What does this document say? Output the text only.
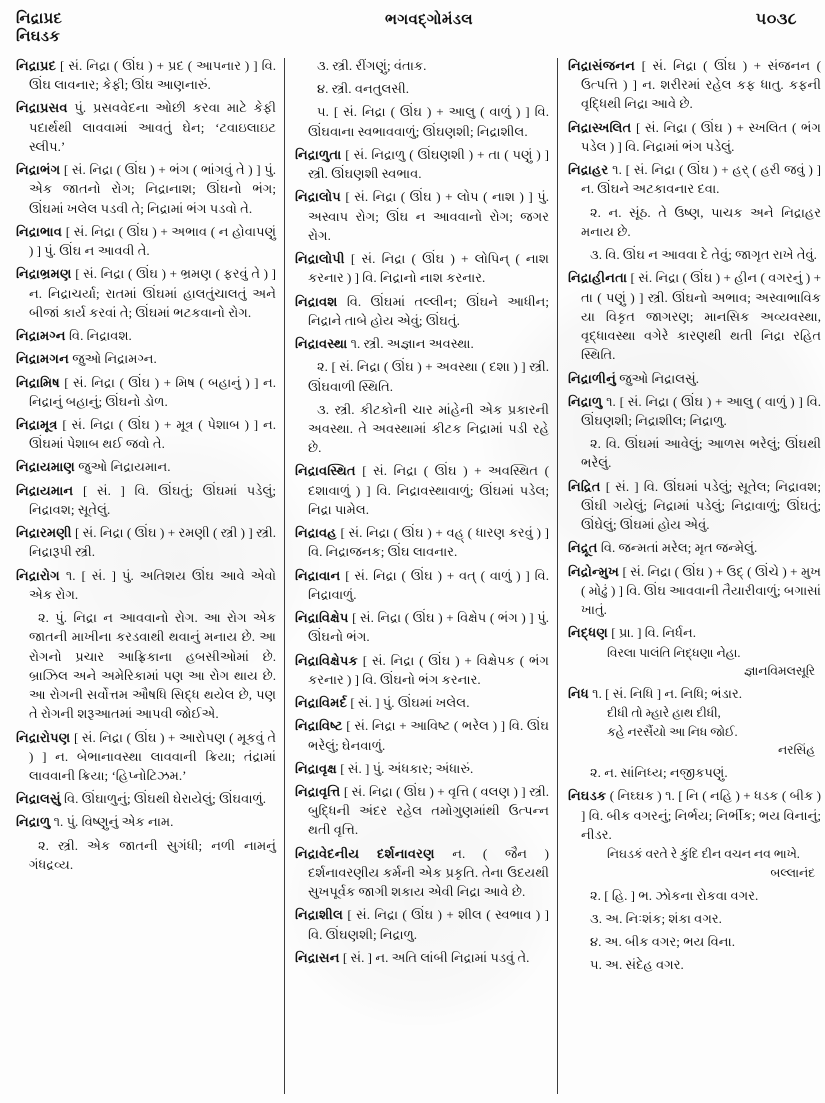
નિદ્રાપ્રદ
નિઘડક
ભગવદ્ગોમંડલ	૫૦૩૮

નિદ્રાપ્રદ [ સં. નિદ્રા ( ઊંઘ ) + પ્રદ ( આપનાર ) ] વિ. ઊંઘ લાવનાર; કેફી; ઊંઘ આણનારું.

નિદ્રાપ્રસવ પું. પ્રસવવેદના ઓછી કરવા માટે કેફી પદાર્થથી લાવવામાં આવતું ઘેન; ‘ટવાઇલાઇટ સ્લીપ.’

નિદ્રાભંગ [ સં. નિદ્રા ( ઊંઘ ) + ભંગ ( ભાંગવું તે ) ] પું. એક જાતનો રોગ; નિદ્રાનાશ; ઊંઘનો ભંગ; ઊંઘમાં ખલેલ પડવી તે; નિદ્રામાં ભંગ પડવો તે.

નિદ્રાભાવ [ સં. નિદ્રા ( ઊંઘ ) + અભાવ ( ન હોવાપણું ) ] પું. ઊંઘ ન આવવી તે.

નિદ્રાભ્રમણ [ સં. નિદ્રા ( ઊંઘ ) + ભ્રમણ ( ફરવું તે ) ] ન. નિદ્રાચર્યા; રાતમાં ઊંઘમાં હાલતુંચાલતું અને બીજાં કાર્ય કરવાં તે; ઊંઘમાં ભટકવાનો રોગ.

નિદ્રામગ્ન વિ. નિદ્રાવશ.

નિદ્રામગન જુઓ નિદ્રામગ્ન.

નિદ્રામિષ [ સં. નિદ્રા ( ઊંઘ ) + મિષ ( બહાનું ) ] ન. નિદ્રાનું બહાનું; ઊંઘનો ડોળ.

નિદ્રામૂત્ર [ સં. નિદ્રા ( ઊંઘ ) + મૂત્ર ( પેશાબ ) ] ન. ઊંઘમાં પેશાબ થઈ જવો તે.

નિદ્રાયમાણ જુઓ નિદ્રાયમાન.

નિદ્રાયમાન [ સં. ] વિ. ઊંઘતું; ઊંઘમાં પડેલું; નિદ્રાવશ; સૂતેલું.

નિદ્રારમણી [ સં. નિદ્રા ( ઊંઘ ) + રમણી ( સ્ત્રી ) ] સ્ત્રી. નિદ્રારૂપી સ્ત્રી.

નિદ્રારોગ ૧. [ સં. ] પું. અતિશય ઊંઘ આવે એવો એક રોગ.

૨. પું. નિદ્રા ન આવવાનો રોગ. આ રોગ એક જાતની માખીના કરડવાથી થવાનું મનાય છે. આ રોગનો પ્રચાર આફ્રિકાના હબસીઓમાં છે. બ્રાઝિલ અને અમેરિકામાં પણ આ રોગ થાય છે. આ રોગની સર્વોત્તમ ઔષધિ સિદ્ધ થયેલ છે, પણ તે રોગની શરૂઆતમાં આપવી જોઈએ.

નિદ્રારોપણ [ સં. નિદ્રા ( ઊંઘ ) + આરોપણ ( મૂકવું તે ) ] ન. બેભાનાવસ્થા લાવવાની ક્રિયા; તંદ્રામાં લાવવાની ક્રિયા; ‘હિપ્નોટિઝમ.’

નિદ્રાલસું વિ. ઊંઘાળુનું; ઊંઘથી ઘેરાયેલું; ઊંઘવાળું.

નિદ્રાળુ ૧. પું. વિષ્ણુનું એક નામ.

૨. સ્ત્રી. એક જાતની સુગંધી; નળી નામનું ગંધદ્રવ્ય.

૩. સ્ત્રી. રીંગણું; વંતાક.

૪. સ્ત્રી. વનતુલસી.

૫. [ સં. નિદ્રા ( ઊંઘ ) + આલુ ( વાળું ) ] વિ. ઊંઘવાના સ્વભાવવાળું; ઊંઘણશી; નિદ્રાશીલ.

નિદ્રાળુતા [ સં. નિદ્રાળુ ( ઊંઘણશી ) + તા ( પણું ) ] સ્ત્રી. ઊંઘણશી સ્વભાવ.

નિદ્રાલોપ [ સં. નિદ્રા ( ઊંઘ ) + લોપ ( નાશ ) ] પું. અસ્વાપ રોગ; ઊંઘ ન આવવાનો રોગ; જગર રોગ.

નિદ્રાલોપી [ સં. નિદ્રા ( ઊંઘ ) + લોપિન્ ( નાશ કરનાર ) ] વિ. નિદ્રાનો નાશ કરનાર.

નિદ્રાવશ વિ. ઊંઘમાં તલ્લીન; ઊંઘને આધીન; નિદ્રાને તાબે હોય એવું; ઊંઘતું.

નિદ્રાવસ્થા ૧. સ્ત્રી. અજ્ઞાન અવસ્થા.

૨. [ સં. નિદ્રા ( ઊંઘ ) + અવસ્થા ( દશા ) ] સ્ત્રી. ઊંઘવાળી સ્થિતિ.

૩. સ્ત્રી. કીટકોની ચાર માંહેની એક પ્રકારની અવસ્થા. તે અવસ્થામાં કીટક નિદ્રામાં પડી રહે છે.

નિદ્રાવસ્થિત [ સં. નિદ્રા ( ઊંઘ ) + અવસ્થિત ( દશાવાળું ) ] વિ. નિદ્રાવસ્થાવાળું; ઊંઘમાં પડેલ; નિદ્રા પામેલ.

નિદ્રાવહ [ સં. નિદ્રા ( ઊંઘ ) + વહ્ ( ધારણ કરવું ) ] વિ. નિદ્રાજનક; ઊંઘ લાવનાર.

નિદ્રાવાન [ સં. નિદ્રા ( ઊંઘ ) + વત્ ( વાળું ) ] વિ. નિદ્રાવાળું.

નિદ્રાવિક્ષેપ [ સં. નિદ્રા ( ઊંઘ ) + વિક્ષેપ ( ભંગ ) ] પું. ઊંઘનો ભંગ.

નિદ્રાવિક્ષેપક [ સં. નિદ્રા ( ઊંઘ ) + વિક્ષેપક ( ભંગ કરનાર ) ] વિ. ઊંઘનો ભંગ કરનાર.

નિદ્રાવિમર્દ [ સં. ] પું. ઊંઘમાં ખલેલ.

નિદ્રાવિષ્ટ [ સં. નિદ્રા + આવિષ્ટ ( ભરેલ ) ] વિ. ઊંઘ ભરેલું; ઘેનવાળું.

નિદ્રાવૃક્ષ [ સં. ] પું. અંધકાર; અંધારું.

નિદ્રાવૃત્તિ [ સં. નિદ્રા ( ઊંઘ ) + વૃત્તિ ( વલણ ) ] સ્ત્રી. બુદ્ધિની અંદર રહેલ તમોગુણમાંથી ઉત્પન્ન થતી વૃત્તિ.

નિદ્રાવેદનીય દર્શનાવરણ ન. ( જૈન ) દર્શનાવરણીય કર્મની એક પ્રકૃતિ. તેના ઉદયથી સુખપૂર્વક જાગી શકાય એવી નિદ્રા આવે છે.

નિદ્રાશીલ [ સં. નિદ્રા ( ઊંઘ ) + શીલ ( સ્વભાવ ) ] વિ. ઊંઘણશી; નિદ્રાળુ.

નિદ્રાસન [ સં. ] ન. અતિ લાંબી નિદ્રામાં પડવું તે.

નિદ્રાસંજનન [ સં. નિદ્રા ( ઊંઘ ) + સંજનન ( ઉત્પત્તિ ) ] ન. શરીરમાં રહેલ કફ ધાતુ. કફની વૃદ્ધિથી નિદ્રા આવે છે.

નિદ્રાસ્ખલિત [ સં. નિદ્રા ( ઊંઘ ) + સ્ખલિત ( ભંગ પડેલ ) ] વિ. નિદ્રામાં ભંગ પડેલું.

નિદ્રાહર ૧. [ સં. નિદ્રા ( ઊંઘ ) + હર્ ( હરી જવું ) ] ન. ઊંઘને અટકાવનાર દવા.

૨. ન. સૂંઠ. તે ઉષ્ણ, પાચક અને નિદ્રાહર મનાય છે.

૩. વિ. ઊંઘ ન આવવા દે તેવું; જાગૃત રાખે તેવું.

નિદ્રાહીનતા [ સં. નિદ્રા ( ઊંઘ ) + હીન ( વગરનું ) + તા ( પણું ) ] સ્ત્રી. ઊંઘનો અભાવ; અસ્વાભાવિક યા વિકૃત જાગરણ; માનસિક અવ્યવસ્થા, વૃદ્ધાવસ્થા વગેરે કારણથી થતી નિદ્રા રહિત સ્થિતિ.

નિદ્રાળીનું જુઓ નિદ્રાલસું.

નિદ્રાળુ ૧. [ સં. નિદ્રા ( ઊંઘ ) + આલુ ( વાળું ) ] વિ. ઊંઘણશી; નિદ્રાશીલ; નિદ્રાળુ.

૨. વિ. ઊંઘમાં આવેલું; આળસ ભરેલું; ઊંઘથી ભરેલું.

નિદ્રિત [ સં. ] વિ. ઊંઘમાં પડેલું; સૂતેલ; નિદ્રાવશ; ઊંઘી ગયેલું; નિદ્રામાં પડેલું; નિદ્રાવાળું; ઊંઘતું; ઊંઘેલું; ઊંઘમાં હોય એવું.

નિદ્રૂત વિ. જન્મતાં મરેલ; મૃત જન્મેલું.

નિદ્રોન્મુખ [ સં. નિદ્રા ( ઊંઘ ) + ઉદ્ ( ઊંચે ) + મુખ ( મોઢું ) ] વિ. ઊંઘ આવવાની તૈયારીવાળું; બગાસાં ખાતું.

નિદ્ધણ [ પ્રા. ] વિ. નિર્ધન.
વિરલા પાલંતિ નિદ્ધણા નેહા.
જ્ઞાનવિમલસૂરિ

નિધ ૧. [ સં. નિધિ ] ન. નિધિ; ભંડાર.
દીધી તો મ્હારે હાથ દીધી,
કહે નરસૈંયો આ નિધ જોઈ.
નરસિંહ

૨. ન. સાંનિધ્ય; નજીકપણું.

નિઘડક ( નિઘ્ઘક ) ૧. [ નિ ( નહિ ) + ધડક ( બીક ) ] વિ. બીક વગરનું; નિર્ભય; નિર્ભીક; ભય વિનાનું; નીડર.
નિઘડકં વરતે રે કુંદિ દીન વચન નવ ભાખે.
બલ્લાનંદ

૨. [ હિ. ] ભ. ઝોકના રોકવા વગર.

૩. અ. નિઃશંક; શંકા વગર.

૪. અ. બીક વગર; ભય વિના.

૫. અ. સંદેહ વગર.
